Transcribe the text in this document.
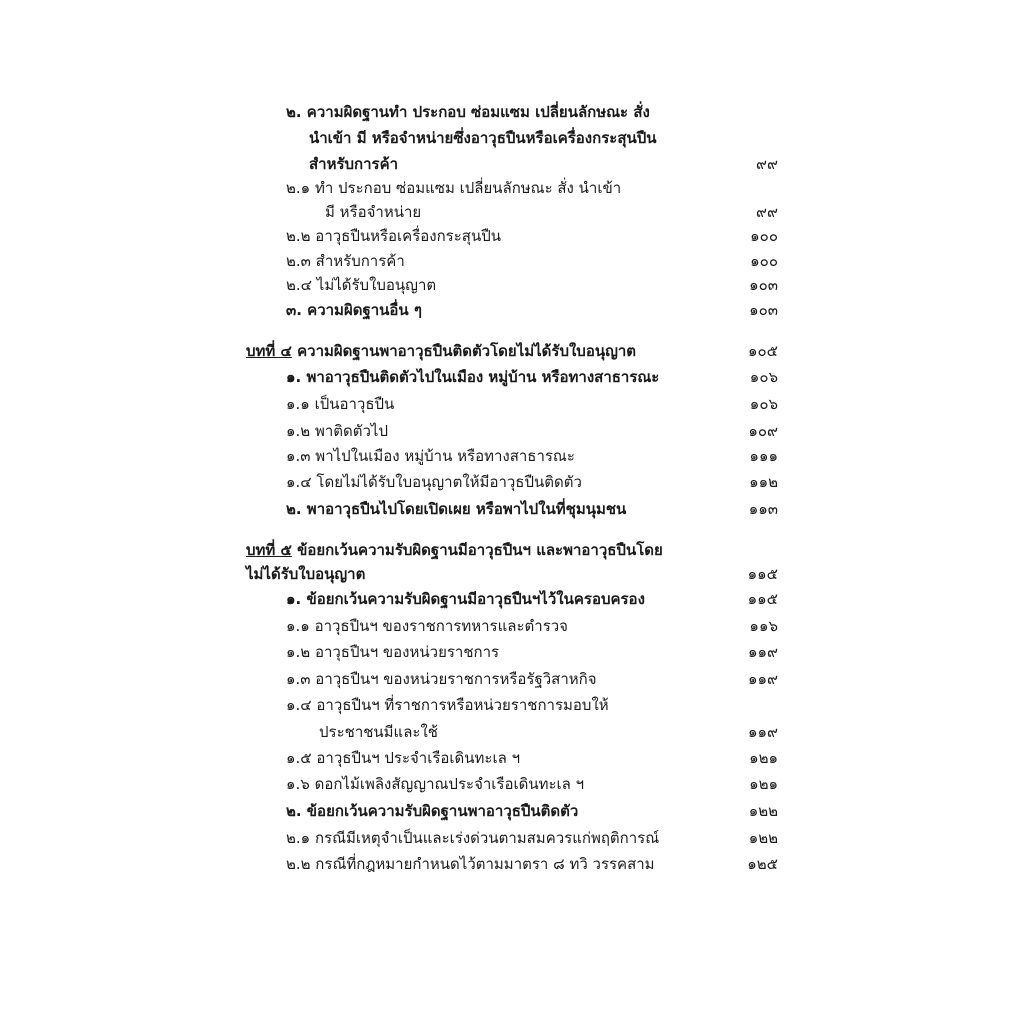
๒. ความผิดฐานทำ ประกอบ ซ่อมแซม เปลี่ยนลักษณะ สั่ง
นำเข้า มี หรือจำหน่ายซึ่งอาวุธปืนหรือเครื่องกระสุนปืน
สำหรับการค้า	๙๙
๒.๑ ทำ ประกอบ ซ่อมแซม เปลี่ยนลักษณะ สั่ง นำเข้า
มี หรือจำหน่าย	๙๙
๒.๒ อาวุธปืนหรือเครื่องกระสุนปืน	๑๐๐
๒.๓ สำหรับการค้า	๑๐๐
๒.๔ ไม่ได้รับใบอนุญาต	๑๐๓
๓. ความผิดฐานอื่น ๆ	๑๐๓
บทที่ ๔ ความผิดฐานพาอาวุธปืนติดตัวโดยไม่ได้รับใบอนุญาต	๑๐๕
๑. พาอาวุธปืนติดตัวไปในเมือง หมู่บ้าน หรือทางสาธารณะ	๑๐๖
๑.๑ เป็นอาวุธปืน	๑๐๖
๑.๒ พาติดตัวไป	๑๐๙
๑.๓ พาไปในเมือง หมู่บ้าน หรือทางสาธารณะ	๑๑๑
๑.๔ โดยไม่ได้รับใบอนุญาตให้มีอาวุธปืนติดตัว	๑๑๒
๒. พาอาวุธปืนไปโดยเปิดเผย หรือพาไปในที่ชุมนุมชน	๑๑๓
บทที่ ๕ ข้อยกเว้นความรับผิดฐานมีอาวุธปืนฯ และพาอาวุธปืนโดย
ไม่ได้รับใบอนุญาต	๑๑๕
๑. ข้อยกเว้นความรับผิดฐานมีอาวุธปืนฯไว้ในครอบครอง	๑๑๕
๑.๑ อาวุธปืนฯ ของราชการทหารและตำรวจ	๑๑๖
๑.๒ อาวุธปืนฯ ของหน่วยราชการ	๑๑๙
๑.๓ อาวุธปืนฯ ของหน่วยราชการหรือรัฐวิสาหกิจ	๑๑๙
๑.๔ อาวุธปืนฯ ที่ราชการหรือหน่วยราชการมอบให้
ประชาชนมีและใช้	๑๑๙
๑.๕ อาวุธปืนฯ ประจำเรือเดินทะเล ฯ	๑๒๑
๑.๖ ดอกไม้เพลิงสัญญาณประจำเรือเดินทะเล ฯ	๑๒๑
๒. ข้อยกเว้นความรับผิดฐานพาอาวุธปืนติดตัว	๑๒๒
๒.๑ กรณีมีเหตุจำเป็นและเร่งด่วนตามสมควรแก่พฤติการณ์	๑๒๒
๒.๒ กรณีที่กฎหมายกำหนดไว้ตามมาตรา ๘ ทวิ วรรคสาม	๑๒๕
